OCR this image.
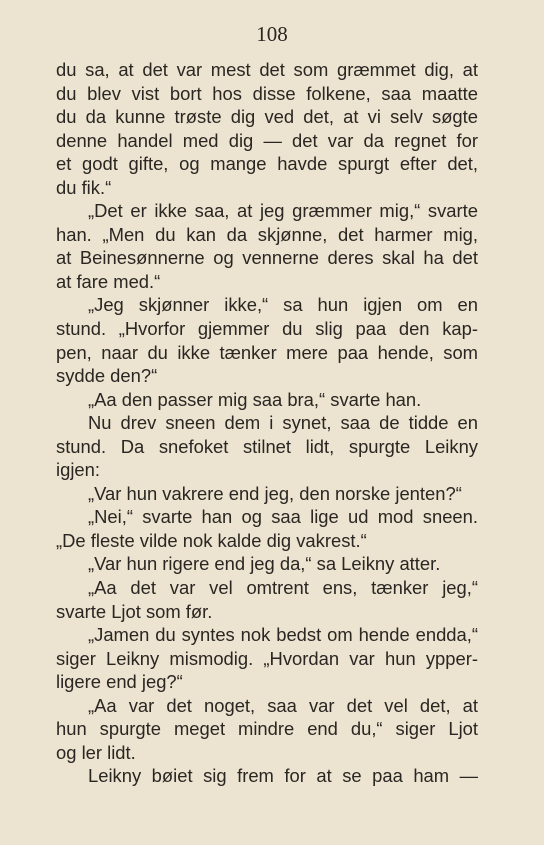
108
du sa, at det var mest det som græmmet dig, at
du blev vist bort hos disse folkene, saa maatte
du da kunne trøste dig ved det, at vi selv søgte
denne handel med dig — det var da regnet for
et godt gifte, og mange havde spurgt efter det,
du fik.“
„Det er ikke saa, at jeg græmmer mig,“ svarte
han. „Men du kan da skjønne, det harmer mig,
at Beinesønnerne og vennerne deres skal ha det
at fare med.“
„Jeg skjønner ikke,“ sa hun igjen om en
stund. „Hvorfor gjemmer du slig paa den kap-
pen, naar du ikke tænker mere paa hende, som
sydde den?“
„Aa den passer mig saa bra,“ svarte han.
Nu drev sneen dem i synet, saa de tidde en
stund. Da snefoket stilnet lidt, spurgte Leikny
igjen:
„Var hun vakrere end jeg, den norske jenten?“
„Nei,“ svarte han og saa lige ud mod sneen.
„De fleste vilde nok kalde dig vakrest.“
„Var hun rigere end jeg da,“ sa Leikny atter.
„Aa det var vel omtrent ens, tænker jeg,“
svarte Ljot som før.
„Jamen du syntes nok bedst om hende endda,“
siger Leikny mismodig. „Hvordan var hun ypper-
ligere end jeg?“
„Aa var det noget, saa var det vel det, at
hun spurgte meget mindre end du,“ siger Ljot
og ler lidt.
Leikny bøiet sig frem for at se paa ham —
